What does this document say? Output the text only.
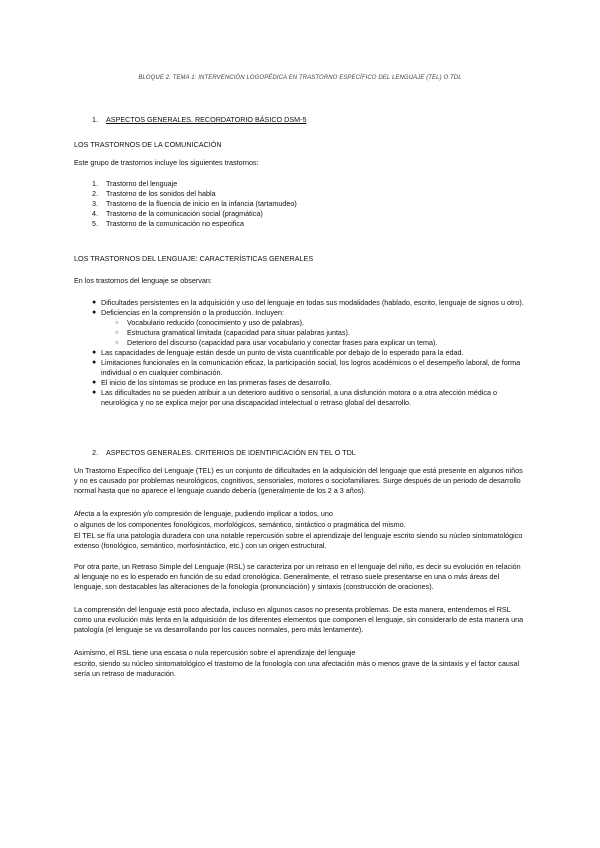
BLOQUE 2. TEMA 1: INTERVENCIÓN LOGOPÉDICA EN TRASTORNO ESPECÍFICO DEL LENGUAJE (TEL) O TDL
1.	ASPECTOS GENERALES. RECORDATORIO BÁSICO DSM-5
LOS TRASTORNOS DE LA COMUNICACIÓN
Este grupo de trastornos incluye los siguientes trastornos:
1.	Trastorno del lenguaje
2.	Trastorno de los sonidos del habla
3.	Trastorno de la fluencia de inicio en la infancia (tartamudeo)
4.	Trastorno de la comunicación social (pragmática)
5.	Trastorno de la comunicación no especifica
LOS TRASTORNOS DEL LENGUAJE: CARACTERÍSTICAS GENERALES
En los trastornos del lenguaje se observan:
● Dificultades persistentes en la adquisición y uso del lenguaje en todas sus modalidades (hablado, escrito, lenguaje de signos u otro).
● Deficiencias en la comprensión o la producción. Incluyen:
○	Vocabulario reducido (conocimiento y uso de palabras).
○	Estructura gramatical limitada (capacidad para situar palabras juntas).
○	Deterioro del discurso (capacidad para usar vocabulario y conectar frases para explicar un tema).
● Las capacidades de lenguaje están desde un punto de vista cuantificable por debajo de lo esperado para la edad.
● Limitaciones funcionales en la comunicación eficaz, la participación social, los logros académicos o el desempeño laboral, de forma individual o en cualquier combinación.
● El inicio de los síntomas se produce en las primeras fases de desarrollo.
● Las dificultades no se pueden atribuir a un deterioro auditivo o sensorial, a una disfunción motora o a otra afección médica o neurológica y no se explica mejor por una discapacidad intelectual o retraso global del desarrollo.
2.	ASPECTOS GENERALES. CRITERIOS DE IDENTIFICACIÓN EN TEL O TDL

Un Trastorno Específico del Lenguaje (TEL) es un conjunto de dificultades en la adquisición del lenguaje que está presente en algunos niños y no es causado por problemas neurológicos, cognitivos, sensoriales, motores o sociofamiliares. Surge después de un periodo de desarrollo normal hasta que no aparece el lenguaje cuando debería (generalmente de los 2 a 3 años).

Afecta a la expresión y/o compresión de lenguaje, pudiendo implicar a todos, uno

o algunos de los componentes fonológicos, morfológicos, semántico, sintáctico o pragmática del mismo.

El TEL se fía una patología duradera con una notable repercusión sobre el aprendizaje del lenguaje escrito siendo su núcleo sintomatológico extenso (fonológico, semántico, morfosintáctico, etc.) con un origen estructural.

Por otra parte, un Retraso Simple del Lenguaje (RSL) se caracteriza por un retraso en el lenguaje del niño, es decir su evolución en relación al lenguaje no es lo esperado en función de su edad cronológica. Generalmente, el retraso suele presentarse en una o más áreas del lenguaje, son destacables las alteraciones de la fonología (pronunciación) y sintaxis (construcción de oraciones).

La comprensión del lenguaje está poco afectada, incluso en algunos casos no presenta problemas. De esta manera, entendemos el RSL como una evolución más lenta en la adquisición de los diferentes elementos que componen el lenguaje, sin considerarlo de esta manera una patología (el lenguaje se va desarrollando por los cauces normales, pero más lentamente).

Asimismo, el RSL tiene una escasa o nula repercusión sobre el aprendizaje del lenguaje

escrito, siendo su núcleo sintomatológico el trastorno de la fonología con una afectación más o menos grave de la sintaxis y el factor causal sería un retraso de maduración.
